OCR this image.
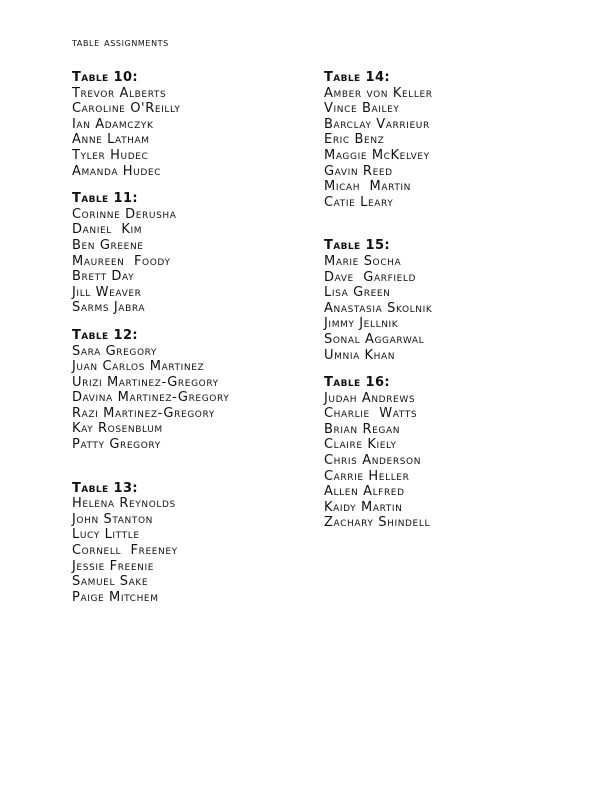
table assignments
Table 10:
Trevor Alberts
Caroline O'Reilly
Ian Adamczyk
Anne Latham
Tyler Hudec
Amanda Hudec
Table 11:
Corinne Derusha
Daniel  Kim
Ben Greene
Maureen  Foody
Brett Day
Jill Weaver
Sarms Jabra
Table 12:
Sara Gregory
Juan Carlos Martinez
Urizi Martinez-Gregory
Davina Martinez-Gregory
Razi Martinez-Gregory
Kay Rosenblum
Patty Gregory
Table 13:
Helena Reynolds
John Stanton
Lucy Little
Cornell  Freeney
Jessie Freenie
Samuel Sake
Paige Mitchem
Table 14:
Amber von Keller
Vince Bailey
Barclay Varrieur
Eric Benz
Maggie McKelvey
Gavin Reed
Micah  Martin
Catie Leary
Table 15:
Marie Socha
Dave  Garfield
Lisa Green
Anastasia Skolnik
Jimmy Jellnik
Sonal Aggarwal
Umnia Khan
Table 16:
Judah Andrews
Charlie  Watts
Brian Regan
Claire Kiely
Chris Anderson
Carrie Heller
Allen Alfred
Kaidy Martin
Zachary Shindell
